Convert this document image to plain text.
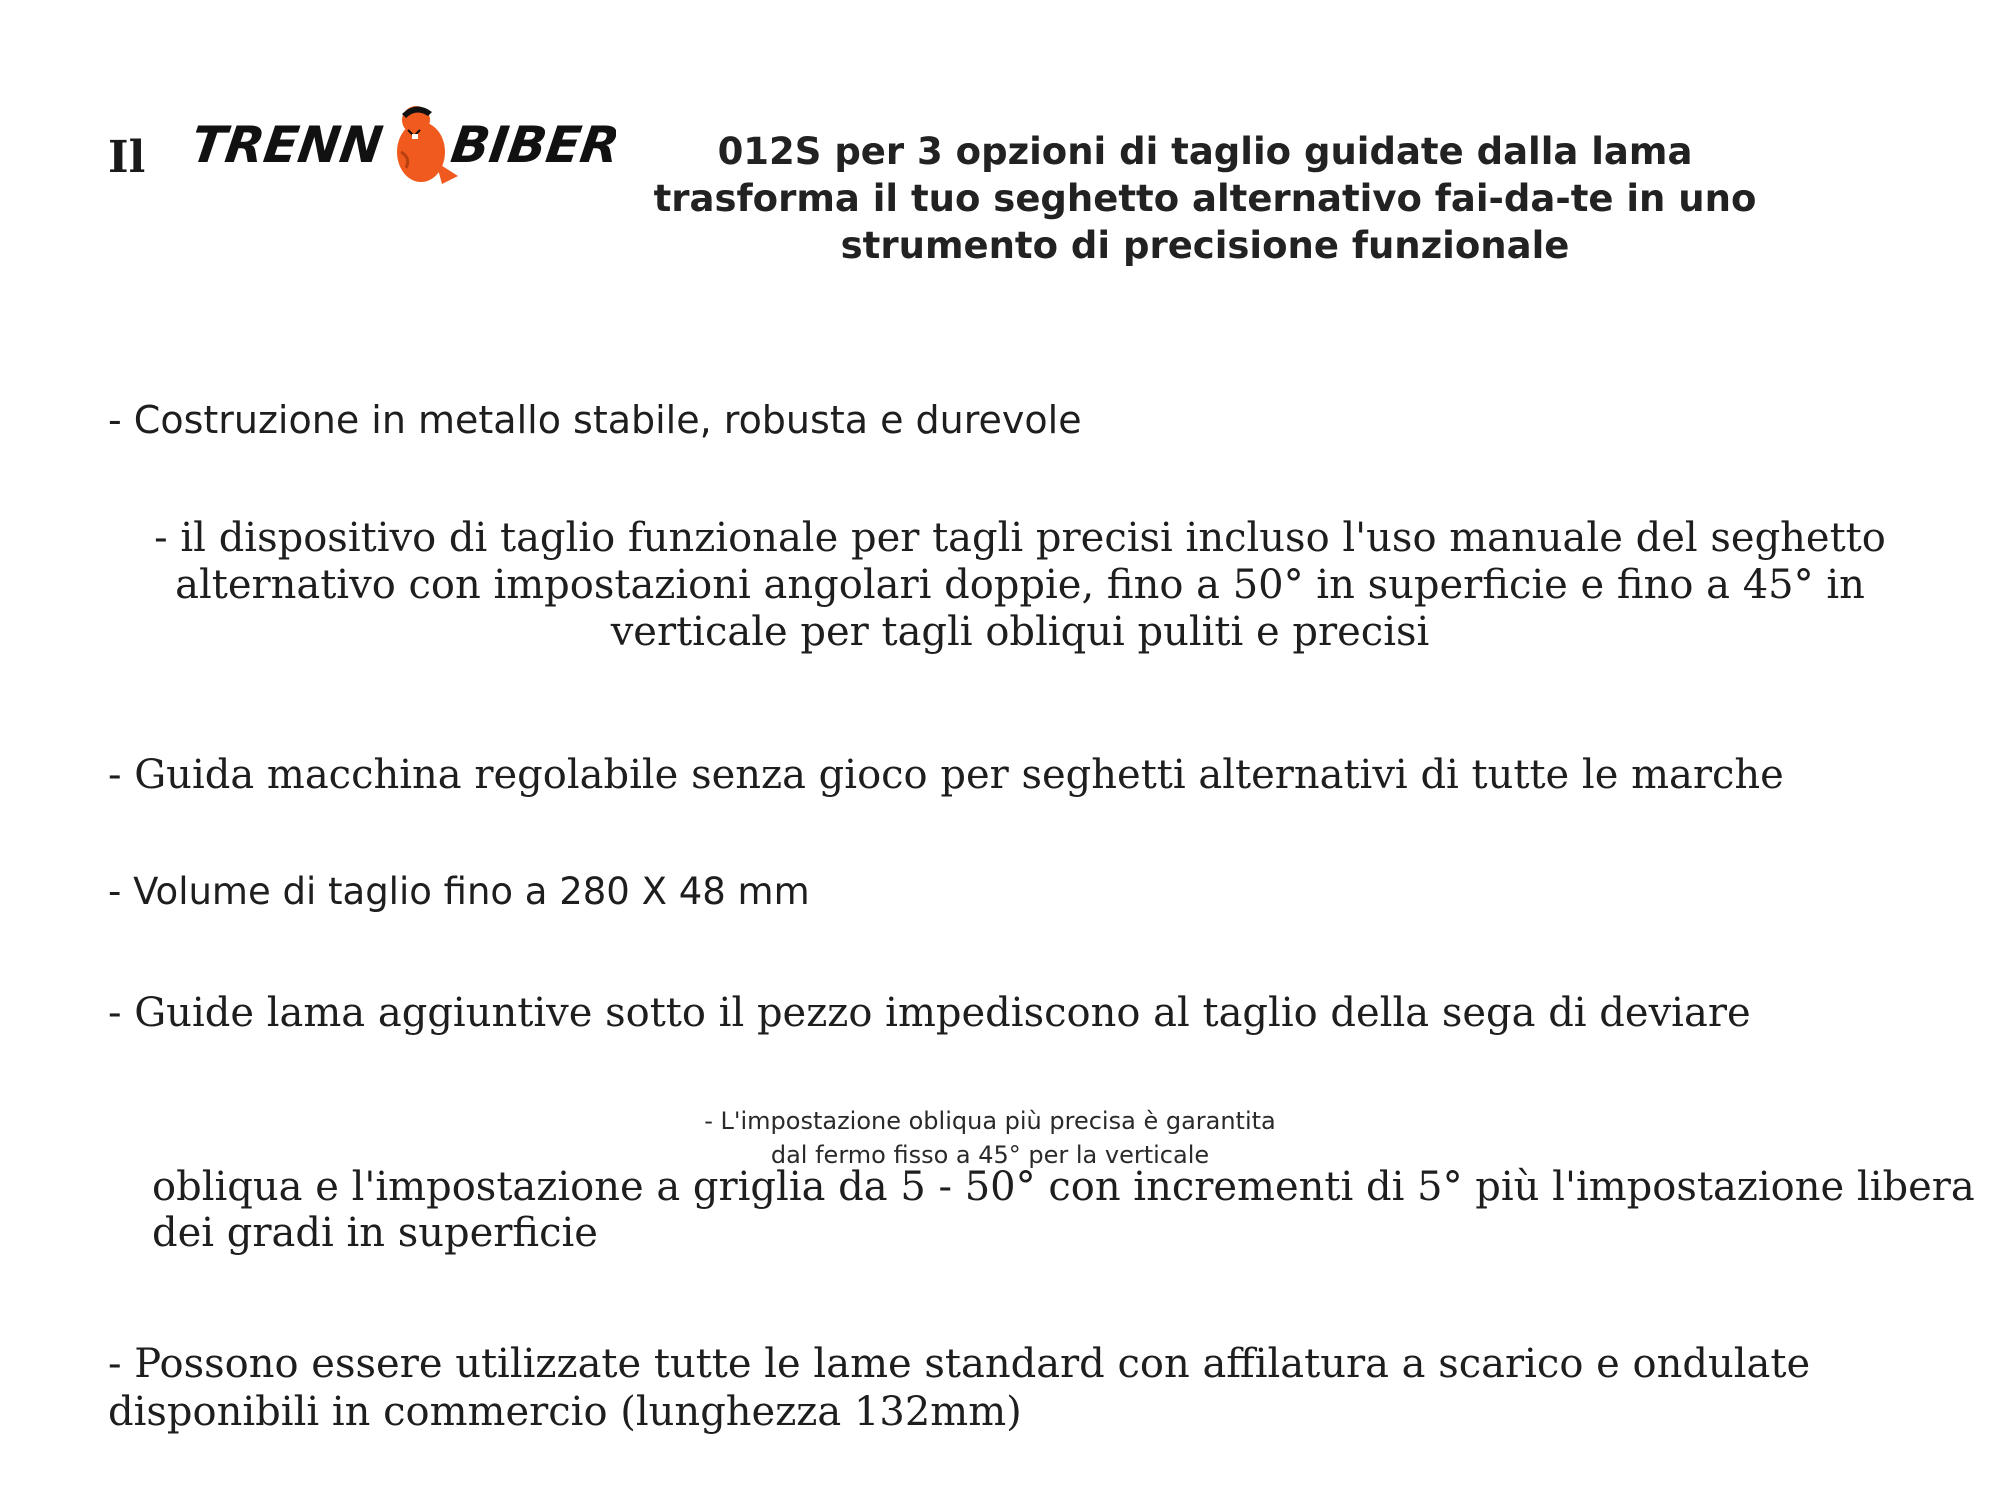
Il TRENN BIBER	012S per 3 opzioni di taglio guidate dalla lama trasforma il tuo seghetto alternativo fai-da-te in uno strumento di precisione funzionale
- Costruzione in metallo stabile, robusta e durevole
- il dispositivo di taglio funzionale per tagli precisi incluso l'uso manuale del seghetto alternativo con impostazioni angolari doppie, fino a 50° in superficie e fino a 45° in verticale per tagli obliqui puliti e precisi
- Guida macchina regolabile senza gioco per seghetti alternativi di tutte le marche
- Volume di taglio fino a 280 X 48 mm
- Guide lama aggiuntive sotto il pezzo impediscono al taglio della sega di deviare
- L'impostazione obliqua più precisa è garantita
dal fermo fisso a 45° per la verticale
obliqua e l'impostazione a griglia da 5 - 50° con incrementi di 5° più l'impostazione libera dei gradi in superficie
- Possono essere utilizzate tutte le lame standard con affilatura a scarico e ondulate disponibili in commercio (lunghezza 132mm)
